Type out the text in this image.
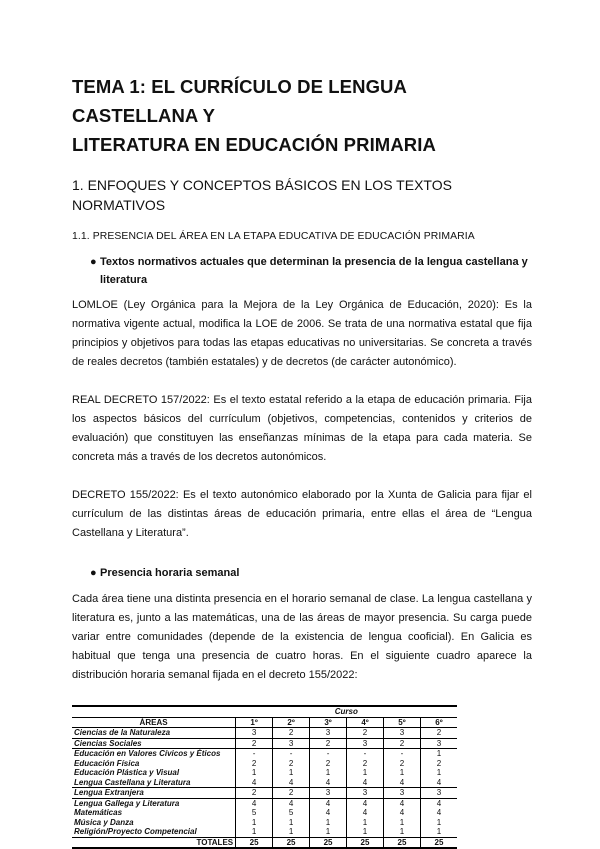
TEMA 1: EL CURRÍCULO DE LENGUA CASTELLANA Y
LITERATURA EN EDUCACIÓN PRIMARIA
1. ENFOQUES Y CONCEPTOS BÁSICOS EN LOS TEXTOS NORMATIVOS
1.1. PRESENCIA DEL ÁREA EN LA ETAPA EDUCATIVA DE EDUCACIÓN PRIMARIA
● Textos normativos actuales que determinan la presencia de la lengua castellana y literatura

LOMLOE (Ley Orgánica para la Mejora de la Ley Orgánica de Educación, 2020): Es la normativa vigente actual, modifica la LOE de 2006. Se trata de una normativa estatal que fija principios y objetivos para todas las etapas educativas no universitarias. Se concreta a través de reales decretos (también estatales) y de decretos (de carácter autonómico).

REAL DECRETO 157/2022: Es el texto estatal referido a la etapa de educación primaria. Fija los aspectos básicos del currículum (objetivos, competencias, contenidos y criterios de evaluación) que constituyen las enseñanzas mínimas de la etapa para cada materia. Se concreta más a través de los decretos autonómicos.

DECRETO 155/2022: Es el texto autonómico elaborado por la Xunta de Galicia para fijar el currículum de las distintas áreas de educación primaria, entre ellas el área de “Lengua Castellana y Literatura”.

● Presencia horaria semanal

Cada área tiene una distinta presencia en el horario semanal de clase. La lengua castellana y literatura es, junto a las matemáticas, una de las áreas de mayor presencia. Su carga puede variar entre comunidades (depende de la existencia de lengua cooficial). En Galicia es habitual que tenga una presencia de cuatro horas. En el siguiente cuadro aparece la distribución horaria semanal fijada en el decreto 155/2022:

	Curso					
ÁREAS	1º	2º	3º	4º	5º	6º
Ciencias de la Naturaleza	3	2	3	2	3	2
Ciencias Sociales	2	3	2	3	2	3
Educación en Valores Cívicos y Éticos	-	-	-	-	-	1
Educación Física	2	2	2	2	2	2
Educación Plástica y Visual	1	1	1	1	1	1
Lengua Castellana y Literatura	4	4	4	4	4	4
Lengua Extranjera	2	2	3	3	3	3
Lengua Gallega y Literatura	4	4	4	4	4	4
Matemáticas	5	5	4	4	4	4
Música y Danza	1	1	1	1	1	1
Religión/Proyecto Competencial	1	1	1	1	1	1
TOTALES	25	25	25	25	25	25
